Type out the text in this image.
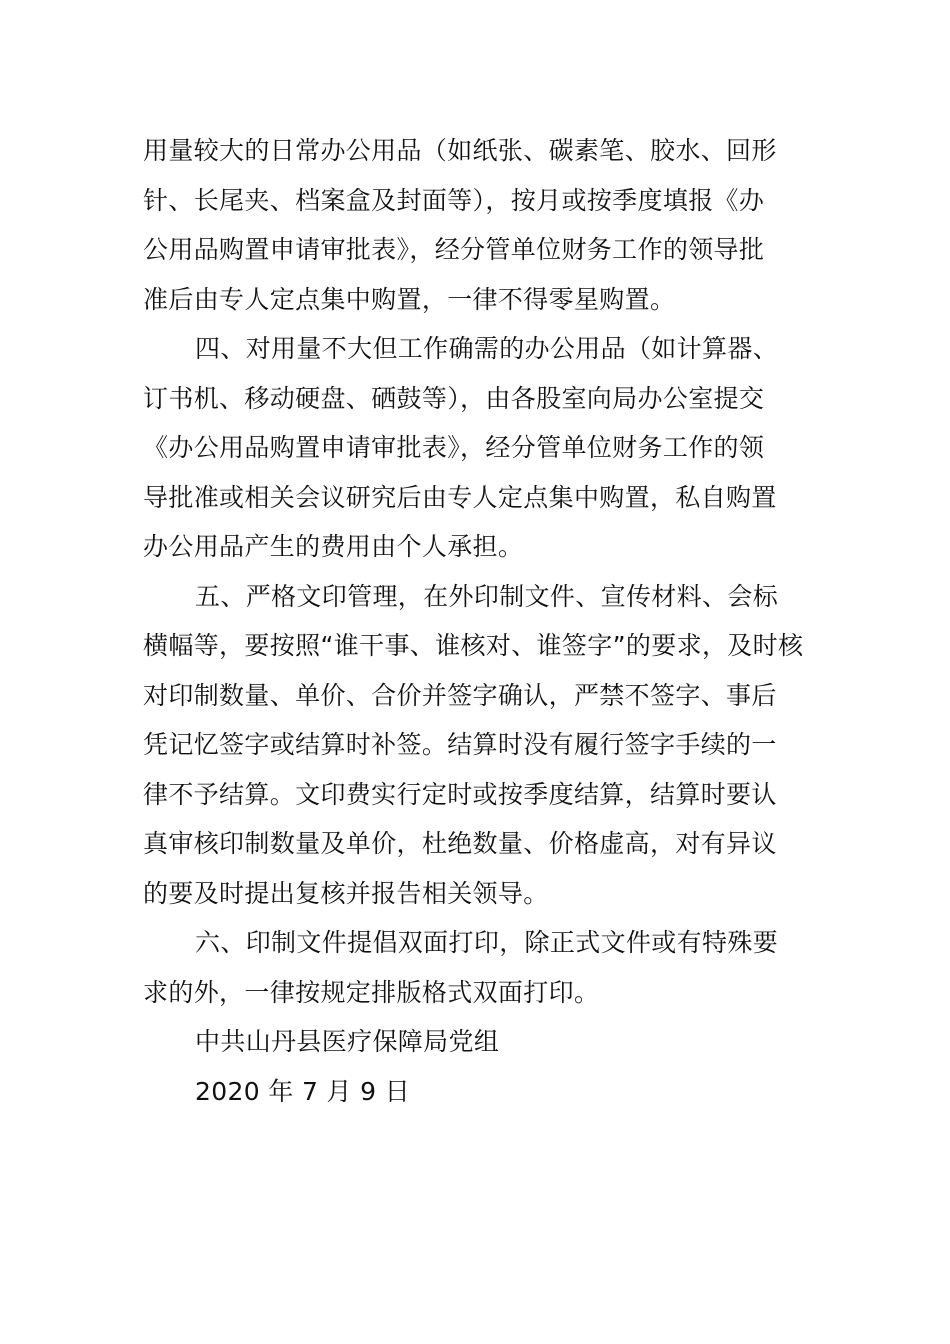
用量较大的日常办公用品（如纸张、碳素笔、胶水、回形
针、长尾夹、档案盒及封面等），按月或按季度填报《办
公用品购置申请审批表》，经分管单位财务工作的领导批
准后由专人定点集中购置，一律不得零星购置。
四、对用量不大但工作确需的办公用品（如计算器、
订书机、移动硬盘、硒鼓等），由各股室向局办公室提交
《办公用品购置申请审批表》，经分管单位财务工作的领
导批准或相关会议研究后由专人定点集中购置，私自购置
办公用品产生的费用由个人承担。
五、严格文印管理，在外印制文件、宣传材料、会标
横幅等，要按照“谁干事、谁核对、谁签字”的要求，及时核
对印制数量、单价、合价并签字确认，严禁不签字、事后
凭记忆签字或结算时补签。结算时没有履行签字手续的一
律不予结算。文印费实行定时或按季度结算，结算时要认
真审核印制数量及单价，杜绝数量、价格虚高，对有异议
的要及时提出复核并报告相关领导。
六、印制文件提倡双面打印，除正式文件或有特殊要
求的外，一律按规定排版格式双面打印。
中共山丹县医疗保障局党组
2020 年 7 月 9 日
